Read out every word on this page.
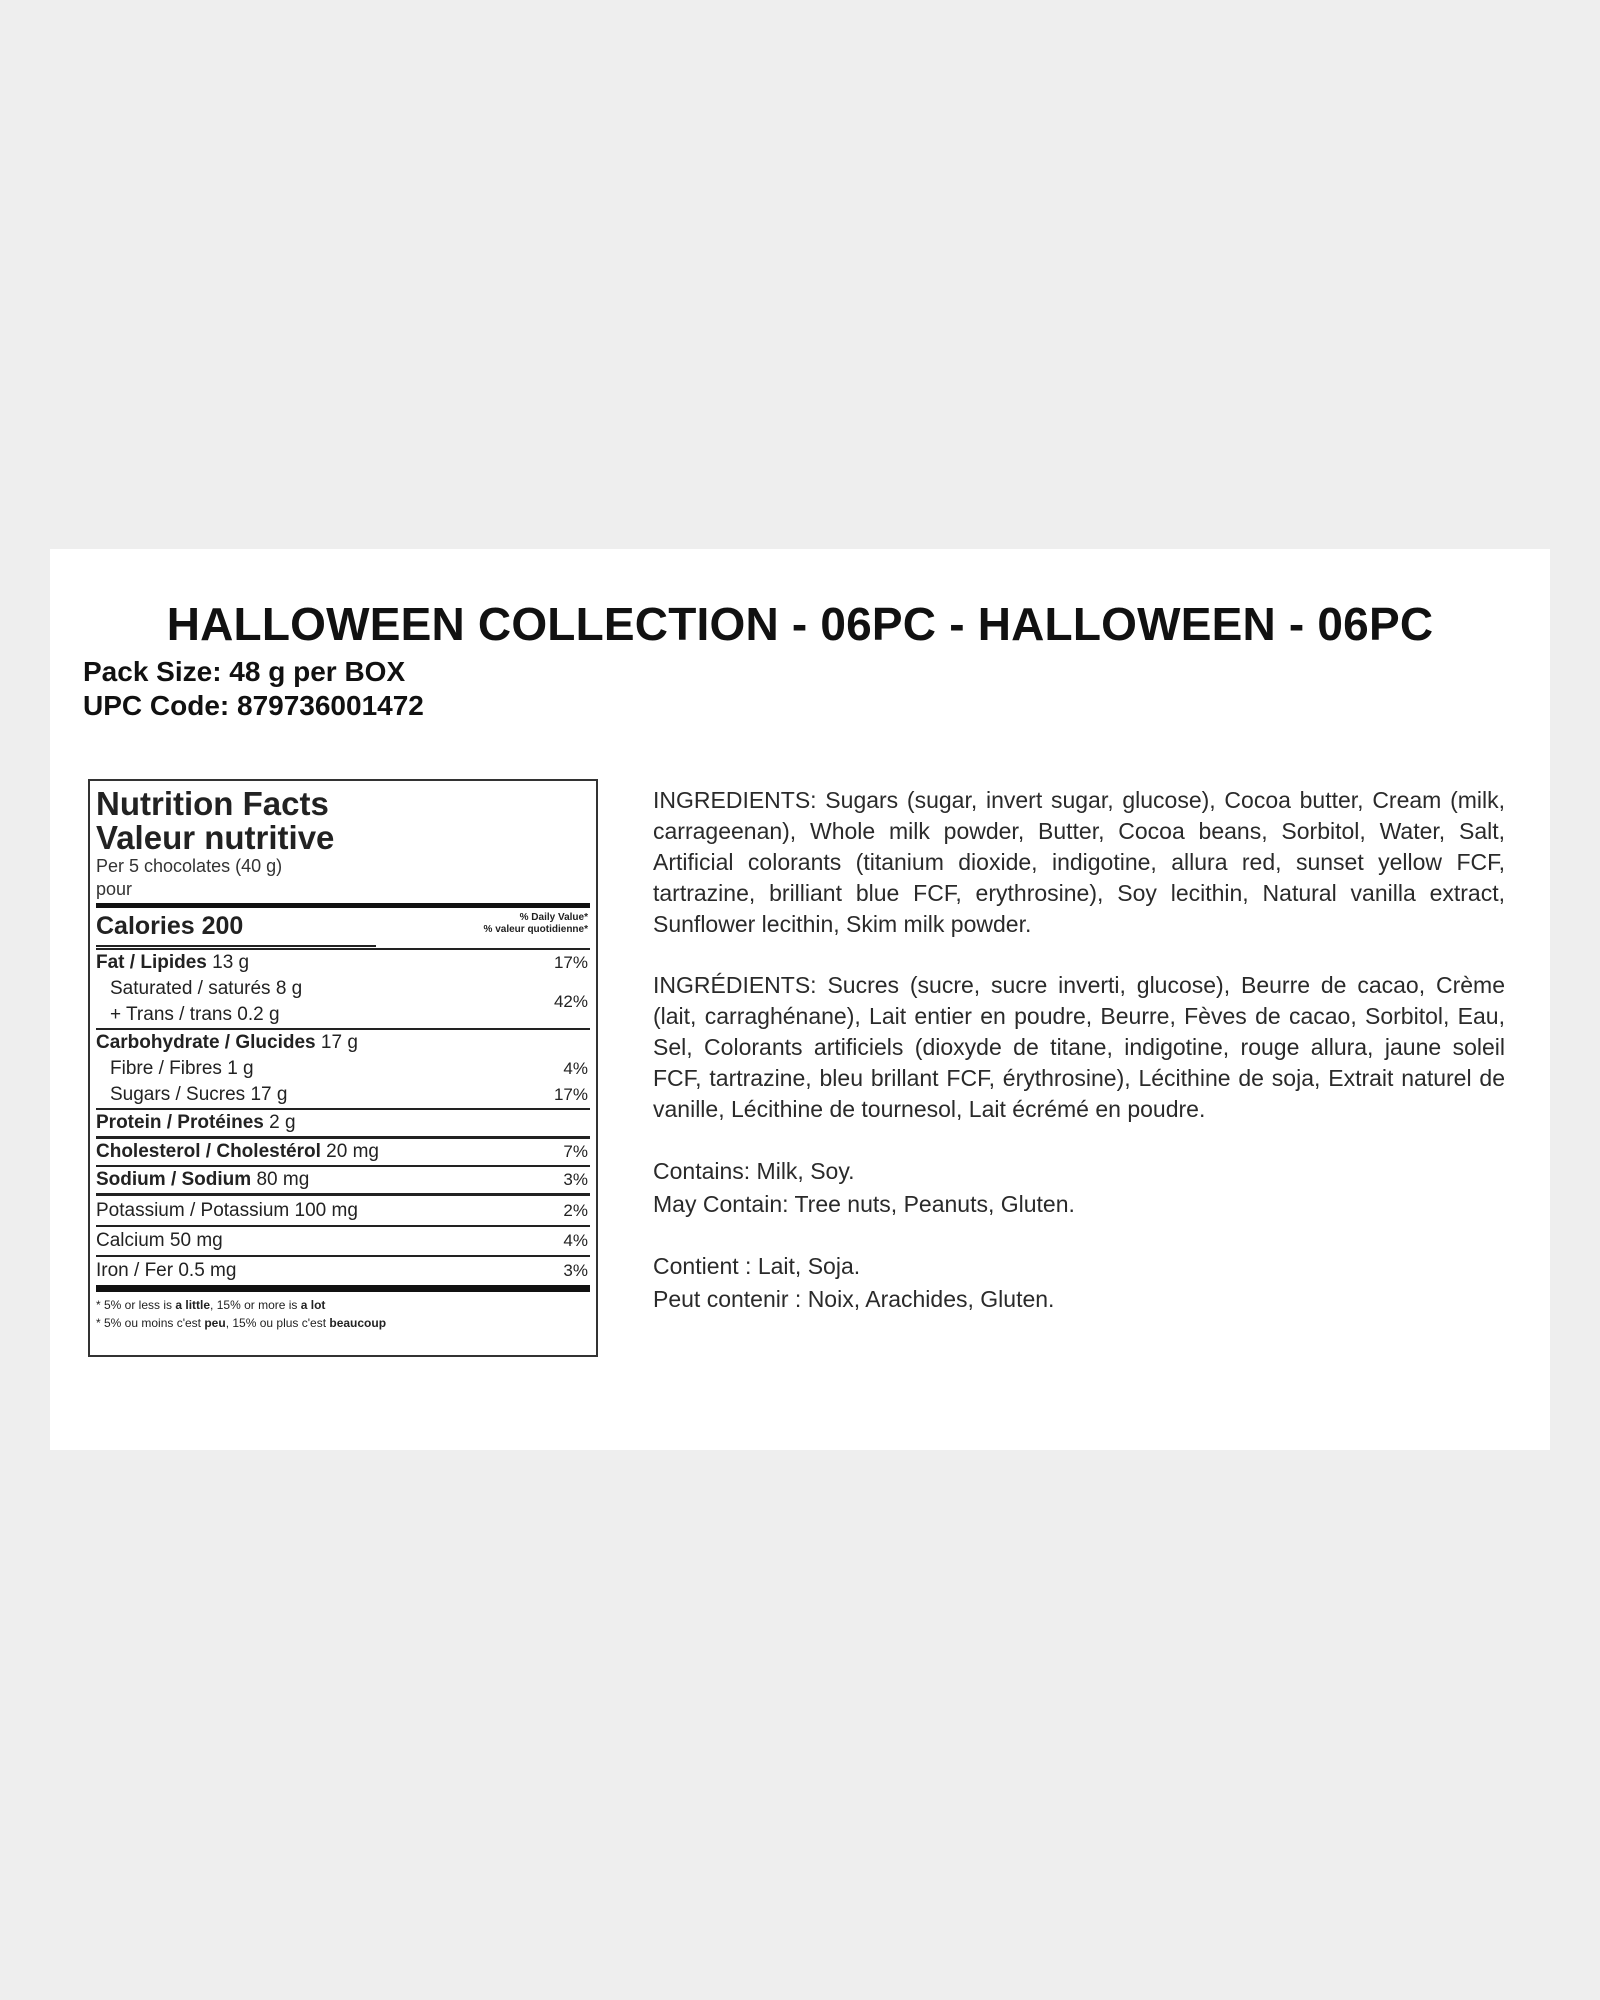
HALLOWEEN COLLECTION - 06PC - HALLOWEEN - 06PC
Pack Size: 48 g per BOX
UPC Code: 879736001472
Nutrition Facts
Valeur nutritive
Per 5 chocolates (40 g)
pour
Calories 200	% Daily Value*
% valeur quotidienne*
Fat / Lipides 13 g	17%
Saturated / saturés 8 g
42%
+ Trans / trans 0.2 g
Carbohydrate / Glucides 17 g
Fibre / Fibres 1 g	4%
Sugars / Sucres 17 g	17%
Protein / Protéines 2 g
Cholesterol / Cholestérol 20 mg	7%
Sodium / Sodium 80 mg	3%
Potassium / Potassium 100 mg	2%
Calcium 50 mg	4%
Iron / Fer 0.5 mg	3%
* 5% or less is a little, 15% or more is a lot
* 5% ou moins c'est peu, 15% ou plus c'est beaucoup

INGREDIENTS: Sugars (sugar, invert sugar, glucose), Cocoa butter, Cream (milk, carrageenan), Whole milk powder, Butter, Cocoa beans, Sorbitol, Water, Salt, Artificial colorants (titanium dioxide, indigotine, allura red, sunset yellow FCF, tartrazine, brilliant blue FCF, erythrosine), Soy lecithin, Natural vanilla extract, Sunflower lecithin, Skim milk powder.

INGRÉDIENTS: Sucres (sucre, sucre inverti, glucose), Beurre de cacao, Crème (lait, carraghénane), Lait entier en poudre, Beurre, Fèves de cacao, Sorbitol, Eau, Sel, Colorants artificiels (dioxyde de titane, indigotine, rouge allura, jaune soleil FCF, tartrazine, bleu brillant FCF, érythrosine), Lécithine de soja, Extrait naturel de vanille, Lécithine de tournesol, Lait écrémé en poudre.

Contains: Milk, Soy.
May Contain: Tree nuts, Peanuts, Gluten.
Contient : Lait, Soja.
Peut contenir : Noix, Arachides, Gluten.
